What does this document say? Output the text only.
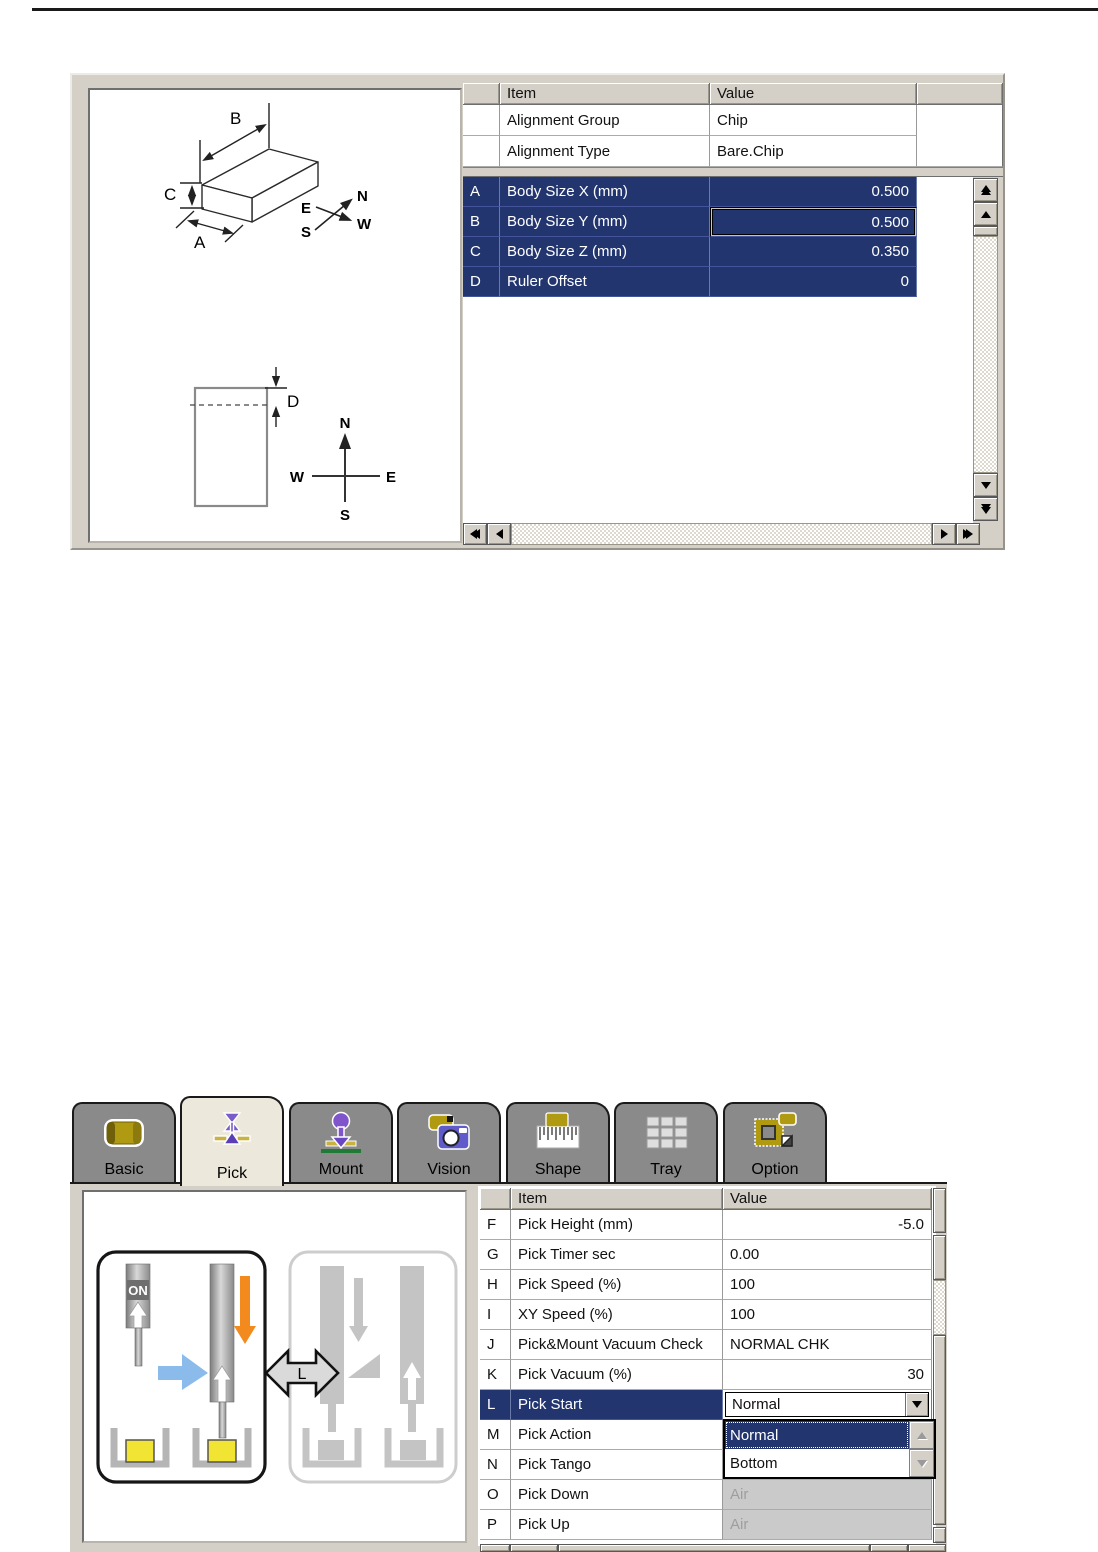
B
C
A
E
N
S	W
D
N
W	E
S
Item	Value
Alignment Group	Chip
Alignment Type	Bare.Chip
A	Body Size X (mm)	0.500
B	Body Size Y (mm)	0.500
C	Body Size Z (mm)	0.350
D	Ruler Offset	0
Basic	Pick	Mount	Vision	Shape	Tray	Option
ON
L
Item	Value
F	Pick Height (mm)	-5.0
G	Pick Timer sec	0.00
H	Pick Speed (%)	100
I	XY Speed (%)	100
J	Pick&Mount Vacuum Check	NORMAL CHK
K	Pick Vacuum (%)	30
L	Pick Start	Normal
M	Pick Action
N	Pick Tango
O	Pick Down	Air
P	Pick Up	Air
Normal
Bottom
